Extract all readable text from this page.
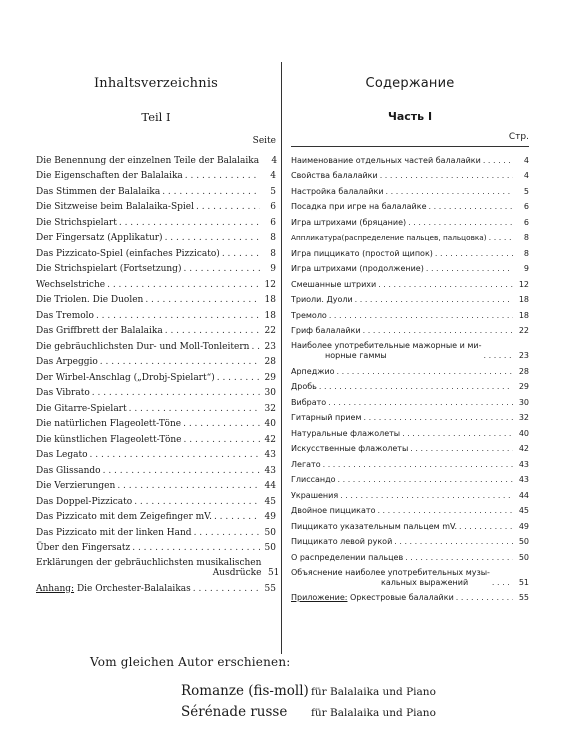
Inhaltsverzeichnis
Teil I
Seite
Die Benennung der einzelnen Teile der Balalaika	4
Die Eigenschaften der Balalaika . . .	4
Das Stimmen der Balalaika . . .	5
Die Sitzweise beim Balalaika-Spiel . . .	6
Die Strichspielart . . .	6
Der Fingersatz (Applikatur) . . .	8
Das Pizzicato-Spiel (einfaches Pizzicato) . . .	8
Die Strichspielart (Fortsetzung) . . .	9
Wechselstriche . . .	12
Die Triolen. Die Duolen . . .	18
Das Tremolo . . .	18
Das Griffbrett der Balalaika . . .	22
Die gebräuchlichsten Dur- und Moll-Tonleitern . . . 23
Das Arpeggio . . .	28
Der Wirbel-Anschlag („Drobj-Spielart“) . . .	29
Das Vibrato . . .	30
Die Gitarre-Spielart . . .	32
Die natürlichen Flageolett-Töne . . .	40
Die künstlichen Flageolett-Töne . . .	42
Das Legato . . .	43
Das Glissando . . .	43
Die Verzierungen . . .	44
Das Doppel-Pizzicato . . .	45
Das Pizzicato mit dem Zeigefinger mV. . . .	49
Das Pizzicato mit der linken Hand . . .	50
Über den Fingersatz . . .	50
Erklärungen der gebräuchlichsten musikalischen
Ausdrücke 51
Anhang: Die Orchester-Balalaikas . . .	55
Содержание
Часть I
Стр.
Наименование отдельных частей балалайки . . .	4
Свойства балалайки . . .	4
Настройка балалайки . . .	5
Посадка при игре на балалайке . . .	6
Игра штрихами (бряцание) . . .	6
Аппликатура(распределение пальцев, пальцовка) . . .	8
Игра пиццикато (простой щипок) . . .	8
Игра штрихами (продолжение) . . .	9
Смешанные штрихи . . .	12
Триоли. Дуоли . . .	18
Тремоло . . .	18
Гриф балалайки . . .	22
Наиболее употребительные мажорные и ми-
норные гаммы . . .	23
Арпеджио . . .	28
Дробь . . .	29
Вибрато . . .	30
Гитарный прием . . .	32
Натуральные флажолеты . . .	40
Искусственные флажолеты . . .	42
Легато . . .	43
Глиссандо . . .	43
Украшения . . .	44
Двойное пиццикато . . .	45
Пиццикато указательным пальцем mV. . . .	49
Пиццикато левой рукой . . .	50
О распределении пальцев . . .	50
Объяснение наиболее употребительных музы-
кальных выражений . . .	51
Приложение: Оркестровые балалайки . . .	55
Vom gleichen Autor erschienen:
Romanze (fis-moll) für Balalaika und Piano
Sérénade russe	für Balalaika und Piano
